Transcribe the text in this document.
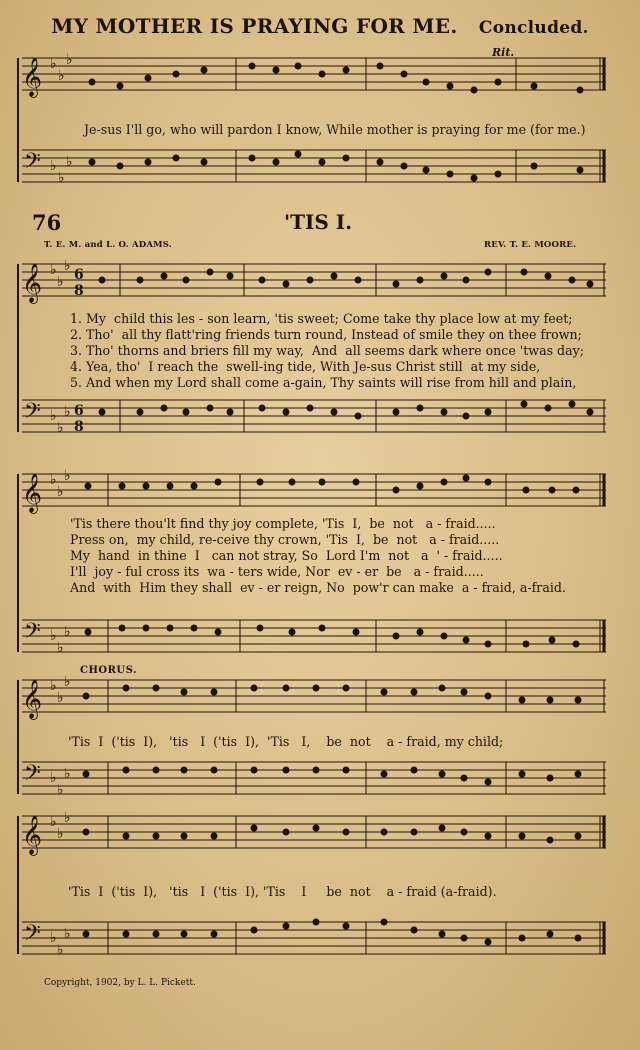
MY MOTHER IS PRAYING FOR ME. Concluded.
Rit.
𝄞
𝄢
♭
♭
♭
♭
♭
♭
Je-sus I'll go, who will pardon I know, While mother is praying for me (for me.)
76	'TIS I.
T. E. M. and L. O. ADAMS.	REV. T. E. MOORE.
𝄞
𝄢
♭
♭
♭
♭
♭
♭
6
8
6
8
1. My  child this les - son learn, 'tis sweet; Come take thy place low at my feet;
2. Tho'  all thy flatt'ring friends turn round, Instead of smile they on thee frown;
3. Tho' thorns and briers fill my way,  And  all seems dark where once 'twas day;
4. Yea, tho'  I reach the  swell-ing tide, With Je-sus Christ still  at my side,
5. And when my Lord shall come a-gain, Thy saints will rise from hill and plain,
𝄞
𝄢
♭
♭
♭
♭
♭
♭
'Tis there thou'lt find thy joy complete, 'Tis  I,  be  not   a - fraid.....
Press on,  my child, re-ceive thy crown, 'Tis  I,  be  not   a - fraid.....
My  hand  in thine  I   can not stray, So  Lord I'm  not   a  ' - fraid.....
I'll  joy - ful cross its  wa - ters wide, Nor  ev - er  be   a - fraid.....
And  with  Him they shall  ev - er reign, No  pow'r can make  a - fraid, a-fraid.
CHORUS.
𝄞
𝄢
♭
♭
♭
♭
♭
♭
'Tis  I  ('tis  I),   'tis   I  ('tis  I),  'Tis   I,    be  not    a - fraid, my child;
𝄞
𝄢
♭
♭
♭
♭
♭
♭
'Tis  I  ('tis  I),   'tis   I  ('tis  I), 'Tis    I     be  not    a - fraid (a-fraid).
Copyright, 1902, by L. L. Pickett.
